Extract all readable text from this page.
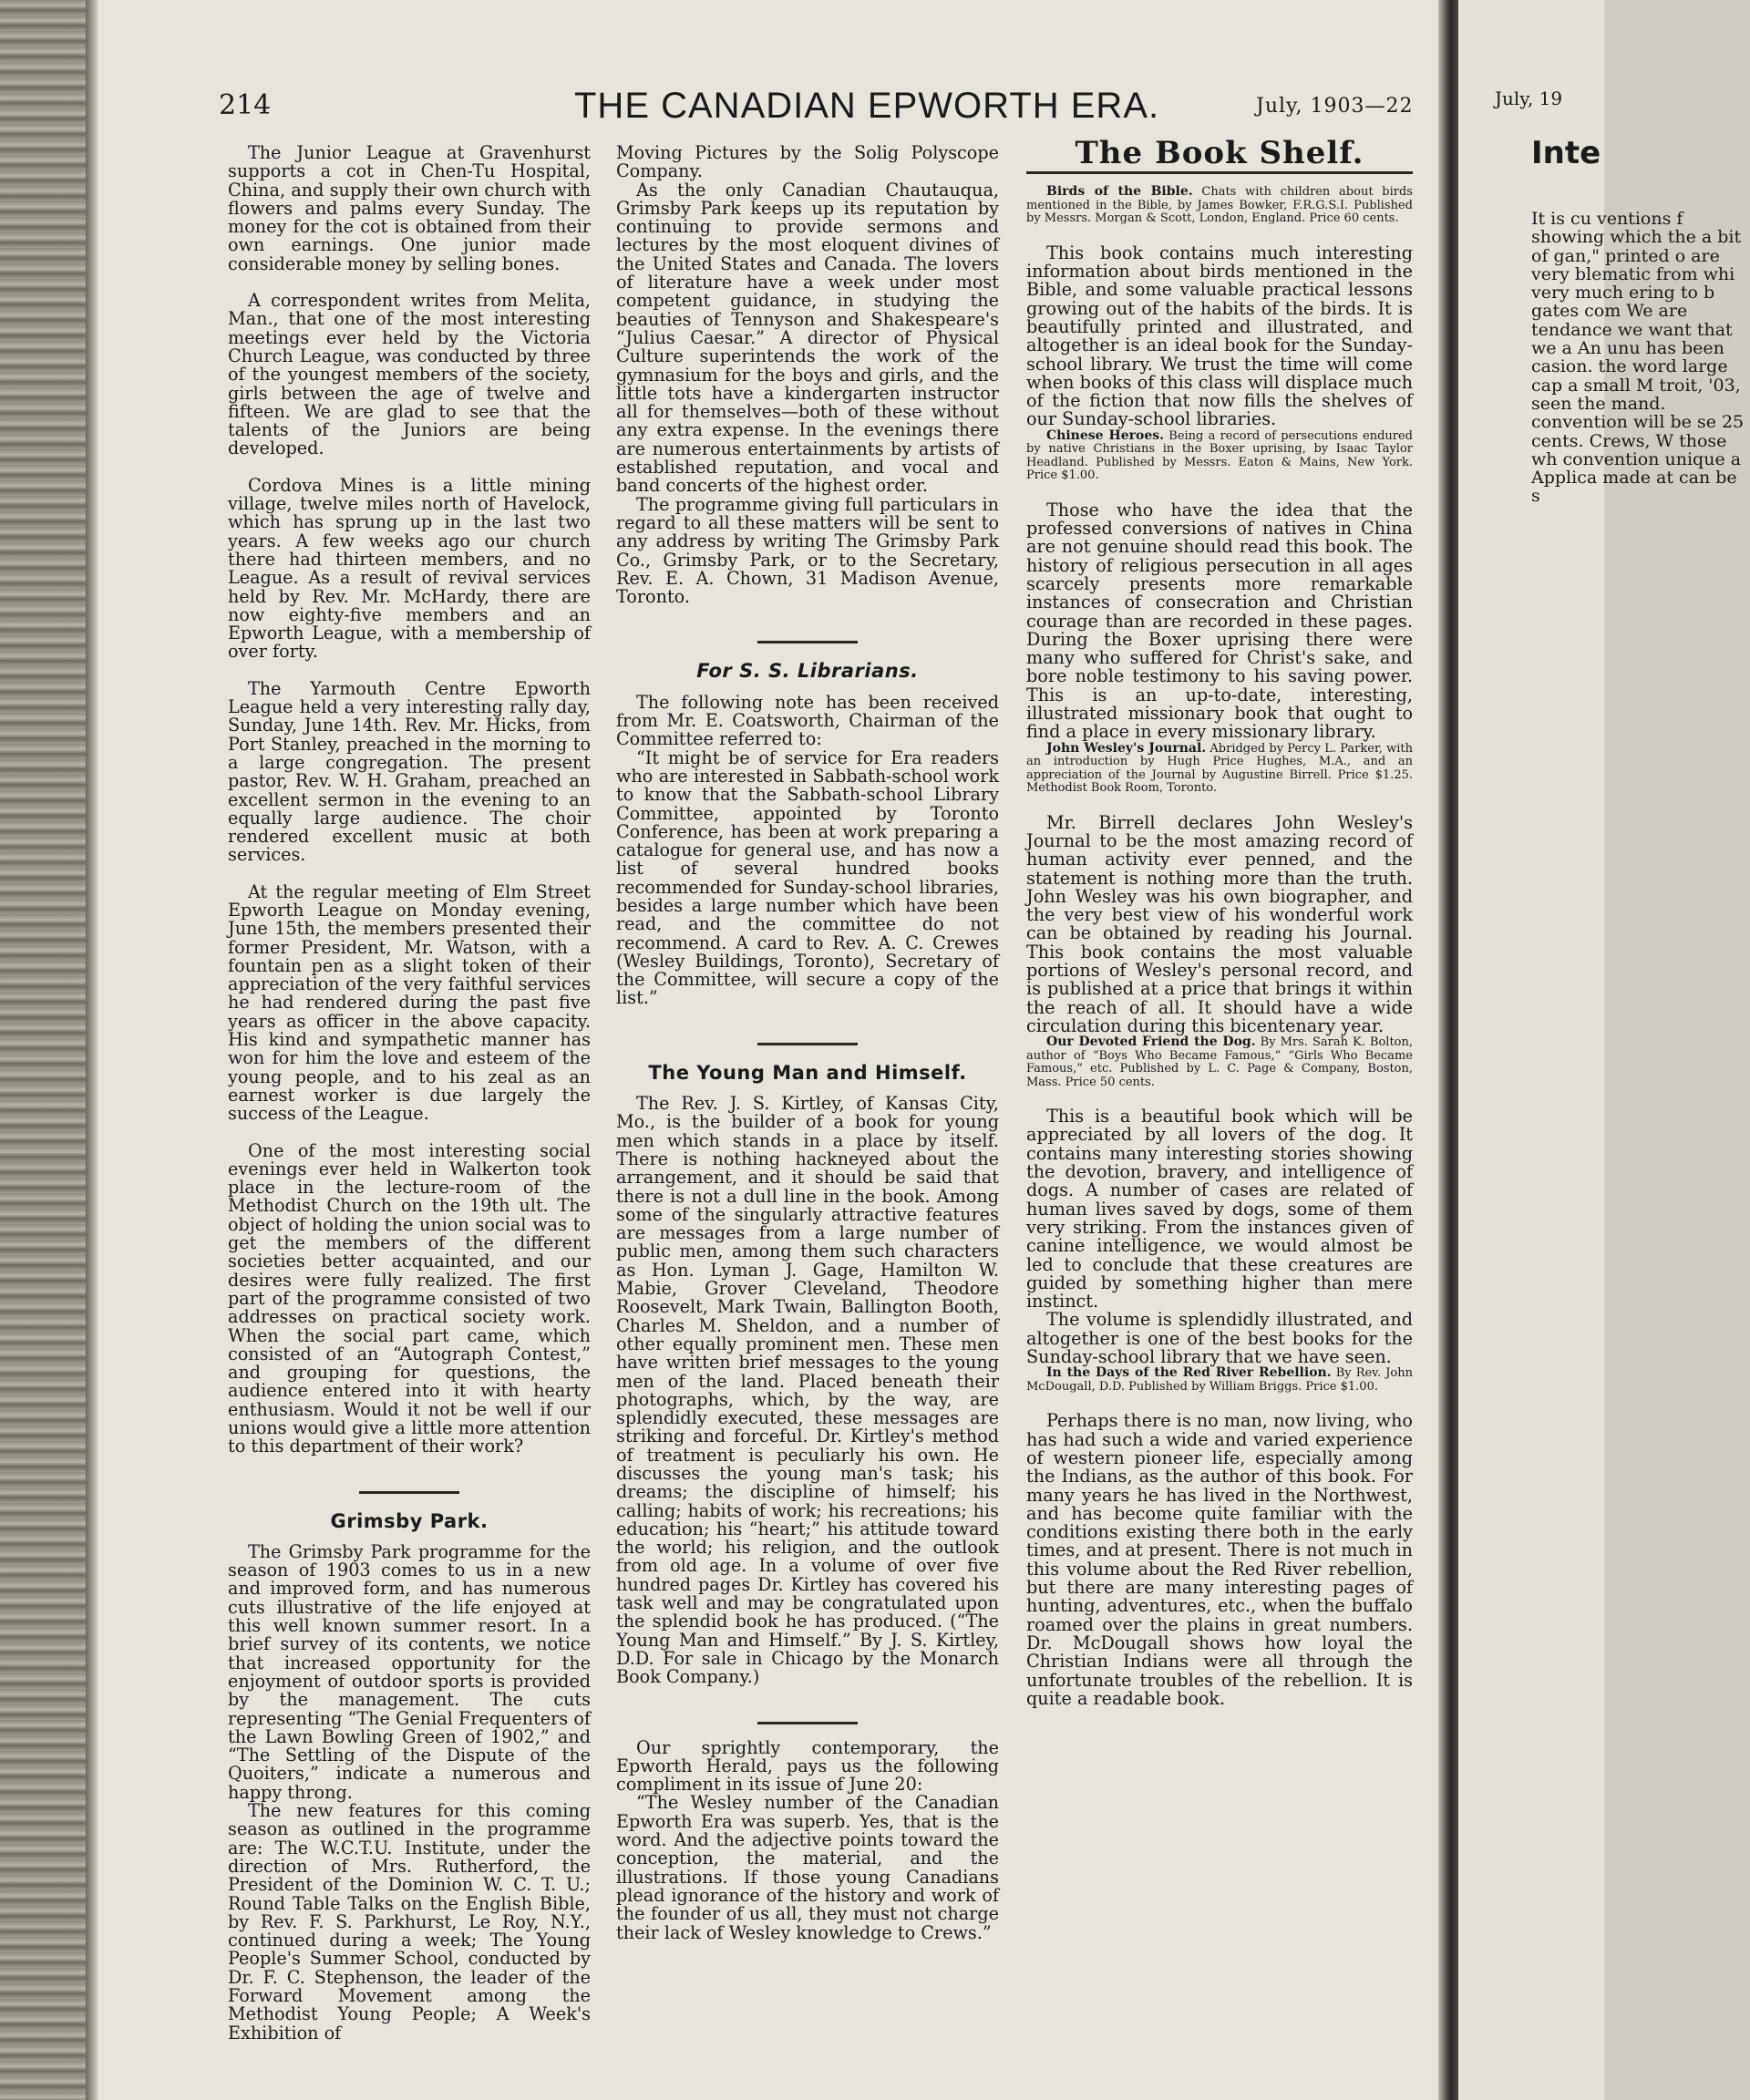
214	THE CANADIAN EPWORTH ERA.	July, 1903—22

The Junior League at Gravenhurst supports a cot in Chen-Tu Hospital, China, and supply their own church with flowers and palms every Sunday. The money for the cot is obtained from their own earnings. One junior made considerable money by selling bones.

A correspondent writes from Melita, Man., that one of the most interesting meetings ever held by the Victoria Church League, was conducted by three of the youngest members of the society, girls between the age of twelve and fifteen. We are glad to see that the talents of the Juniors are being developed.

Cordova Mines is a little mining village, twelve miles north of Havelock, which has sprung up in the last two years. A few weeks ago our church there had thirteen members, and no League. As a result of revival services held by Rev. Mr. McHardy, there are now eighty-five members and an Epworth League, with a membership of over forty.

The Yarmouth Centre Epworth League held a very interesting rally day, Sunday, June 14th. Rev. Mr. Hicks, from Port Stanley, preached in the morning to a large congregation. The present pastor, Rev. W. H. Graham, preached an excellent sermon in the evening to an equally large audience. The choir rendered excellent music at both services.

At the regular meeting of Elm Street Epworth League on Monday evening, June 15th, the members presented their former President, Mr. Watson, with a fountain pen as a slight token of their appreciation of the very faithful services he had rendered during the past five years as officer in the above capacity. His kind and sympathetic manner has won for him the love and esteem of the young people, and to his zeal as an earnest worker is due largely the success of the League.

One of the most interesting social evenings ever held in Walkerton took place in the lecture-room of the Methodist Church on the 19th ult. The object of holding the union social was to get the members of the different societies better acquainted, and our desires were fully realized. The first part of the programme consisted of two addresses on practical society work. When the social part came, which consisted of an “Autograph Contest,” and grouping for questions, the audience entered into it with hearty enthusiasm. Would it not be well if our unions would give a little more attention to this department of their work?

Grimsby Park.

The Grimsby Park programme for the season of 1903 comes to us in a new and improved form, and has numerous cuts illustrative of the life enjoyed at this well known summer resort. In a brief survey of its contents, we notice that increased opportunity for the enjoyment of outdoor sports is provided by the management. The cuts representing “The Genial Frequenters of the Lawn Bowling Green of 1902,” and “The Settling of the Dispute of the Quoiters,” indicate a numerous and happy throng.

The new features for this coming season as outlined in the programme are: The W.C.T.U. Institute, under the direction of Mrs. Rutherford, the President of the Dominion W. C. T. U.; Round Table Talks on the English Bible, by Rev. F. S. Parkhurst, Le Roy, N.Y., continued during a week; The Young People's Summer School, conducted by Dr. F. C. Stephenson, the leader of the Forward Movement among the Methodist Young People; A Week's Exhibition of

Moving Pictures by the Solig Polyscope Company.

As the only Canadian Chautauqua, Grimsby Park keeps up its reputation by continuing to provide sermons and lectures by the most eloquent divines of the United States and Canada. The lovers of literature have a week under most competent guidance, in studying the beauties of Tennyson and Shakespeare's “Julius Caesar.” A director of Physical Culture superintends the work of the gymnasium for the boys and girls, and the little tots have a kindergarten instructor all for themselves—both of these without any extra expense. In the evenings there are numerous entertainments by artists of established reputation, and vocal and band concerts of the highest order.

The programme giving full particulars in regard to all these matters will be sent to any address by writing The Grimsby Park Co., Grimsby Park, or to the Secretary, Rev. E. A. Chown, 31 Madison Avenue, Toronto.

For S. S. Librarians.

The following note has been received from Mr. E. Coatsworth, Chairman of the Committee referred to:

“It might be of service for Era readers who are interested in Sabbath-school work to know that the Sabbath-school Library Committee, appointed by Toronto Conference, has been at work preparing a catalogue for general use, and has now a list of several hundred books recommended for Sunday-school libraries, besides a large number which have been read, and the committee do not recommend. A card to Rev. A. C. Crewes (Wesley Buildings, Toronto), Secretary of the Committee, will secure a copy of the list.”

The Young Man and Himself.

The Rev. J. S. Kirtley, of Kansas City, Mo., is the builder of a book for young men which stands in a place by itself. There is nothing hackneyed about the arrangement, and it should be said that there is not a dull line in the book. Among some of the singularly attractive features are messages from a large number of public men, among them such characters as Hon. Lyman J. Gage, Hamilton W. Mabie, Grover Cleveland, Theodore Roosevelt, Mark Twain, Ballington Booth, Charles M. Sheldon, and a number of other equally prominent men. These men have written brief messages to the young men of the land. Placed beneath their photographs, which, by the way, are splendidly executed, these messages are striking and forceful. Dr. Kirtley's method of treatment is peculiarly his own. He discusses the young man's task; his dreams; the discipline of himself; his calling; habits of work; his recreations; his education; his “heart;” his attitude toward the world; his religion, and the outlook from old age. In a volume of over five hundred pages Dr. Kirtley has covered his task well and may be congratulated upon the splendid book he has produced. (“The Young Man and Himself.” By J. S. Kirtley, D.D. For sale in Chicago by the Monarch Book Company.)

Our sprightly contemporary, the Epworth Herald, pays us the following compliment in its issue of June 20:

“The Wesley number of the Canadian Epworth Era was superb. Yes, that is the word. And the adjective points toward the conception, the material, and the illustrations. If those young Canadians plead ignorance of the history and work of the founder of us all, they must not charge their lack of Wesley knowledge to Crews.”

The Book Shelf.

Birds of the Bible. Chats with children about birds mentioned in the Bible, by James Bowker, F.R.G.S.I. Published by Messrs. Morgan & Scott, London, England. Price 60 cents.

This book contains much interesting information about birds mentioned in the Bible, and some valuable practical lessons growing out of the habits of the birds. It is beautifully printed and illustrated, and altogether is an ideal book for the Sunday-school library. We trust the time will come when books of this class will displace much of the fiction that now fills the shelves of our Sunday-school libraries.

Chinese Heroes. Being a record of persecutions endured by native Christians in the Boxer uprising, by Isaac Taylor Headland. Published by Messrs. Eaton & Mains, New York. Price $1.00.

Those who have the idea that the professed conversions of natives in China are not genuine should read this book. The history of religious persecution in all ages scarcely presents more remarkable instances of consecration and Christian courage than are recorded in these pages. During the Boxer uprising there were many who suffered for Christ's sake, and bore noble testimony to his saving power. This is an up-to-date, interesting, illustrated missionary book that ought to find a place in every missionary library.

John Wesley's Journal. Abridged by Percy L. Parker, with an introduction by Hugh Price Hughes, M.A., and an appreciation of the Journal by Augustine Birrell. Price $1.25. Methodist Book Room, Toronto.

Mr. Birrell declares John Wesley's Journal to be the most amazing record of human activity ever penned, and the statement is nothing more than the truth. John Wesley was his own biographer, and the very best view of his wonderful work can be obtained by reading his Journal. This book contains the most valuable portions of Wesley's personal record, and is published at a price that brings it within the reach of all. It should have a wide circulation during this bicentenary year.

Our Devoted Friend the Dog. By Mrs. Sarah K. Bolton, author of “Boys Who Became Famous,” “Girls Who Became Famous,” etc. Published by L. C. Page & Company, Boston, Mass. Price 50 cents.

This is a beautiful book which will be appreciated by all lovers of the dog. It contains many interesting stories showing the devotion, bravery, and intelligence of dogs. A number of cases are related of human lives saved by dogs, some of them very striking. From the instances given of canine intelligence, we would almost be led to conclude that these creatures are guided by something higher than mere instinct.

The volume is splendidly illustrated, and altogether is one of the best books for the Sunday-school library that we have seen.

In the Days of the Red River Rebellion. By Rev. John McDougall, D.D. Published by William Briggs. Price $1.00.

Perhaps there is no man, now living, who has had such a wide and varied experience of western pioneer life, especially among the Indians, as the author of this book. For many years he has lived in the Northwest, and has become quite familiar with the conditions existing there both in the early times, and at present. There is not much in this volume about the Red River rebellion, but there are many interesting pages of hunting, adventures, etc., when the buffalo roamed over the plains in great numbers. Dr. McDougall shows how loyal the Christian Indians were all through the unfortunate troubles of the rebellion. It is quite a readable book.

July, 19
Inte
It is cu ventions f showing which the a bit of gan," printed o are very blematic from whi very much ering to b gates com We are tendance we want that we a An unu has been casion. the word large cap a small M troit, '03, seen the mand. convention will be se 25 cents. Crews, W those wh convention unique a Applica made at can be s
